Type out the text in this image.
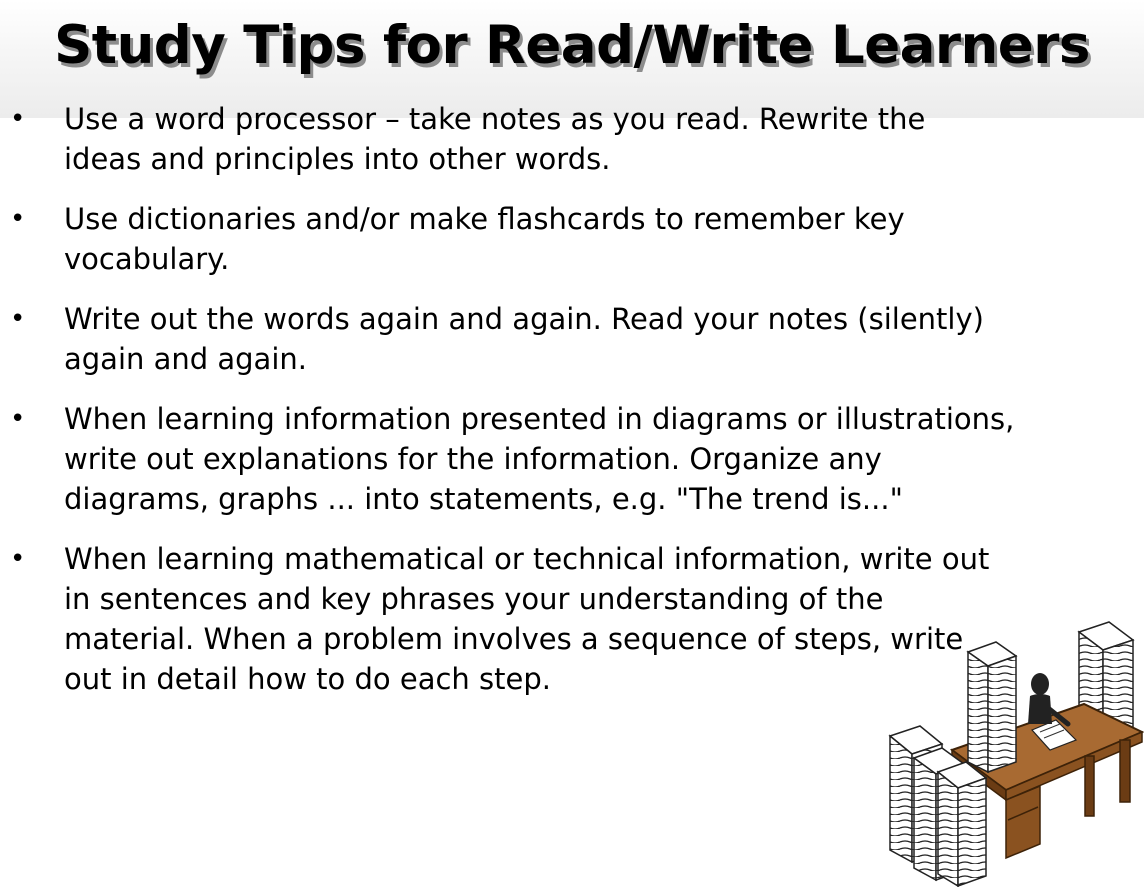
Study Tips for Read/Write Learners
• Use a word processor – take notes as you read. Rewrite the
ideas and principles into other words.
• Use dictionaries and/or make flashcards to remember key
vocabulary.
• Write out the words again and again. Read your notes (silently)
again and again.
• When learning information presented in diagrams or illustrations,
write out explanations for the information. Organize any
diagrams, graphs ... into statements, e.g. "The trend is..."
• When learning mathematical or technical information, write out
in sentences and key phrases your understanding of the
material. When a problem involves a sequence of steps, write
out in detail how to do each step.
